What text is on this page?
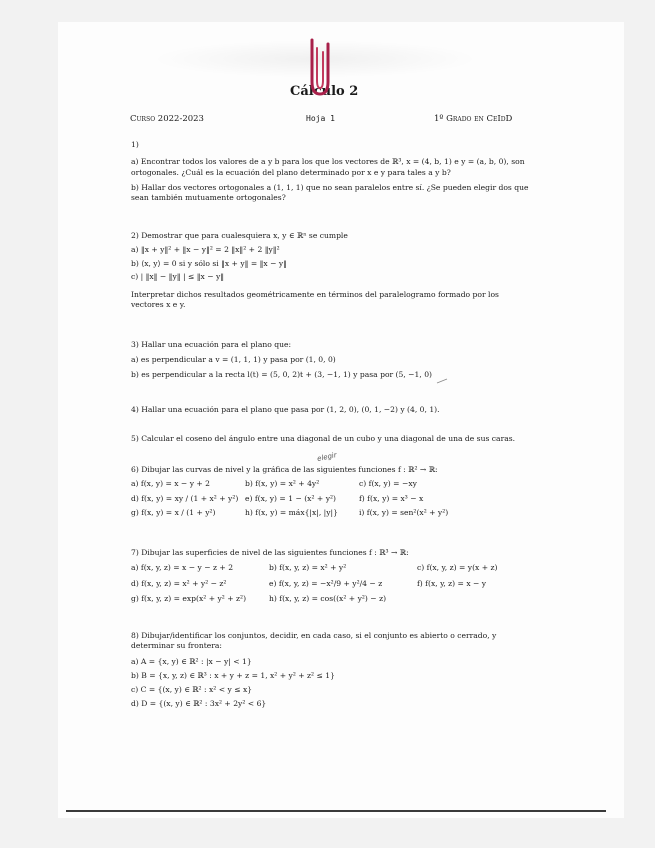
Cálculo 2
Curso 2022-2023	Hoja 1	1º Grado en CeIdD

1)

a) Encontrar todos los valores de a y b para los que los vectores de ℝ³, x = (4, b, 1) e y = (a, b, 0), son ortogonales. ¿Cuál es la ecuación del plano determinado por x e y para tales a y b?

b) Hallar dos vectores ortogonales a (1, 1, 1) que no sean paralelos entre sí. ¿Se pueden elegir dos que sean también mutuamente ortogonales?

2) Demostrar que para cualesquiera x, y ∈ ℝⁿ se cumple

a) ‖x + y‖² + ‖x − y‖² = 2 ‖x‖² + 2 ‖y‖²

b) ⟨x, y⟩ = 0 si y sólo si ‖x + y‖ = ‖x − y‖

c) | ‖x‖ − ‖y‖ | ≤ ‖x − y‖

Interpretar dichos resultados geométricamente en términos del paralelogramo formado por los vectores x e y.

3) Hallar una ecuación para el plano que:

a) es perpendicular a v = (1, 1, 1) y pasa por (1, 0, 0)

b) es perpendicular a la recta l(t) = (5, 0, 2)t + (3, −1, 1) y pasa por (5, −1, 0)

4) Hallar una ecuación para el plano que pasa por (1, 2, 0), (0, 1, −2) y (4, 0, 1).

5) Calcular el coseno del ángulo entre una diagonal de un cubo y una diagonal de una de sus caras.

elegir

6) Dibujar las curvas de nivel y la gráfica de las siguientes funciones f : ℝ² → ℝ:

a) f(x, y) = x − y + 2	b) f(x, y) = x² + 4y²	c) f(x, y) = −xy
d) f(x, y) = xy / (1 + x² + y²) e) f(x, y) = 1 − (x² + y²)	f) f(x, y) = x³ − x
g) f(x, y) = x / (1 + y²)	h) f(x, y) = máx{|x|, |y|}	i) f(x, y) = sen²(x² + y²)

7) Dibujar las superficies de nivel de las siguientes funciones f : ℝ³ → ℝ:

a) f(x, y, z) = x − y − z + 2	b) f(x, y, z) = x² + y²	c) f(x, y, z) = y(x + z)
d) f(x, y, z) = x² + y² − z²	e) f(x, y, z) = −x²/9 + y²/4 − z	f) f(x, y, z) = x − y
g) f(x, y, z) = exp(x² + y² + z²)	h) f(x, y, z) = cos((x² + y²) − z)

8) Dibujar/identificar los conjuntos, decidir, en cada caso, si el conjunto es abierto o cerrado, y determinar su frontera:

a) A = {x, y) ∈ ℝ² : |x − y| < 1}

b) B = {x, y, z) ∈ ℝ³ : x + y + z = 1, x² + y² + z² ≤ 1}

c) C = {(x, y) ∈ ℝ² : x² < y ≤ x}

d) D = {(x, y) ∈ ℝ² : 3x² + 2y² < 6}
